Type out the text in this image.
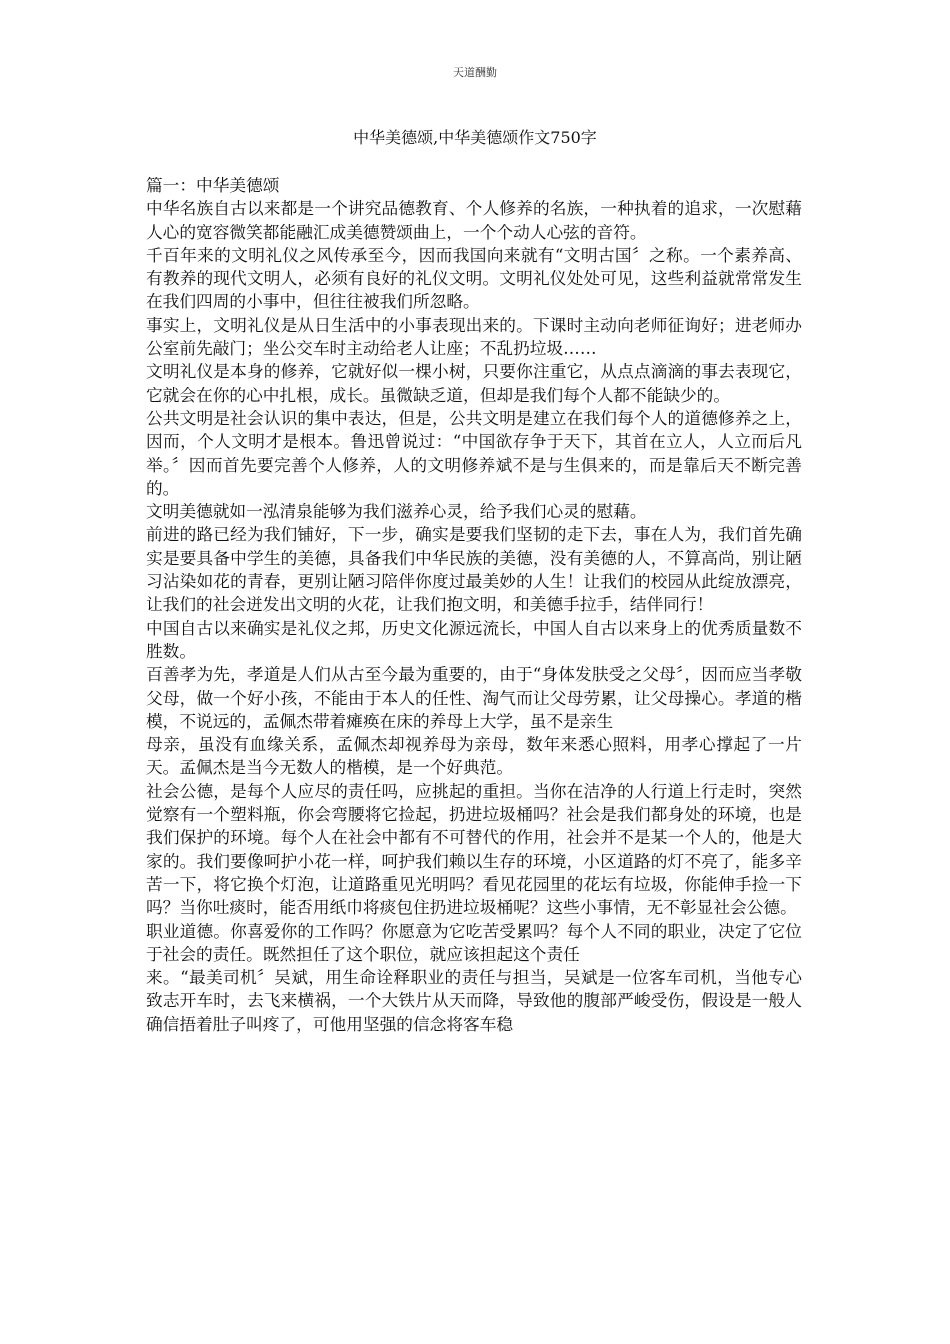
天道酬勤
中华美德颂,中华美德颂作文750字

篇一：中华美德颂

中华名族自古以来都是一个讲究品德教育、个人修养的名族，一种执着的追求，一次慰藉人心的宽容微笑都能融汇成美德赞颂曲上，一个个动人心弦的音符。

千百年来的文明礼仪之风传承至今，因而我国向来就有“文明古国〞之称。一个素养高、有教养的现代文明人，必须有良好的礼仪文明。文明礼仪处处可见，这些利益就常常发生在我们四周的小事中，但往往被我们所忽略。

事实上，文明礼仪是从日生活中的小事表现出来的。下课时主动向老师征询好；进老师办公室前先敲门；坐公交车时主动给老人让座；不乱扔垃圾……

文明礼仪是本身的修养，它就好似一棵小树，只要你注重它，从点点滴滴的事去表现它，它就会在你的心中扎根，成长。虽微缺乏道，但却是我们每个人都不能缺少的。

公共文明是社会认识的集中表达，但是，公共文明是建立在我们每个人的道德修养之上，因而，个人文明才是根本。鲁迅曾说过：“中国欲存争于天下，其首在立人，人立而后凡举。〞因而首先要完善个人修养，人的文明修养斌不是与生俱来的，而是靠后天不断完善的。

文明美德就如一泓清泉能够为我们滋养心灵，给予我们心灵的慰藉。

前进的路已经为我们铺好，下一步，确实是要我们坚韧的走下去，事在人为，我们首先确实是要具备中学生的美德，具备我们中华民族的美德，没有美德的人，不算高尚，别让陋习沾染如花的青春，更别让陋习陪伴你度过最美妙的人生！让我们的校园从此绽放漂亮，让我们的社会迸发出文明的火花，让我们抱文明，和美德手拉手，结伴同行！

中国自古以来确实是礼仪之邦，历史文化源远流长，中国人自古以来身上的优秀质量数不胜数。

百善孝为先，孝道是人们从古至今最为重要的，由于“身体发肤受之父母〞，因而应当孝敬父母，做一个好小孩，不能由于本人的任性、淘气而让父母劳累，让父母操心。孝道的楷模，不说远的，孟佩杰带着瘫痪在床的养母上大学，虽不是亲生

母亲，虽没有血缘关系，孟佩杰却视养母为亲母，数年来悉心照料，用孝心撑起了一片天。孟佩杰是当今无数人的楷模，是一个好典范。

社会公德，是每个人应尽的责任吗，应挑起的重担。当你在洁净的人行道上行走时，突然觉察有一个塑料瓶，你会弯腰将它捡起，扔进垃圾桶吗？社会是我们都身处的环境，也是我们保护的环境。每个人在社会中都有不可替代的作用，社会并不是某一个人的，他是大家的。我们要像呵护小花一样，呵护我们赖以生存的环境，小区道路的灯不亮了，能多辛苦一下，将它换个灯泡，让道路重见光明吗？看见花园里的花坛有垃圾，你能伸手捡一下吗？当你吐痰时，能否用纸巾将痰包住扔进垃圾桶呢？这些小事情，无不彰显社会公德。

职业道德。你喜爱你的工作吗？你愿意为它吃苦受累吗？每个人不同的职业，决定了它位于社会的责任。既然担任了这个职位，就应该担起这个责任

来。“最美司机〞吴斌，用生命诠释职业的责任与担当，吴斌是一位客车司机，当他专心致志开车时，去飞来横祸，一个大铁片从天而降，导致他的腹部严峻受伤，假设是一般人确信捂着肚子叫疼了，可他用坚强的信念将客车稳
